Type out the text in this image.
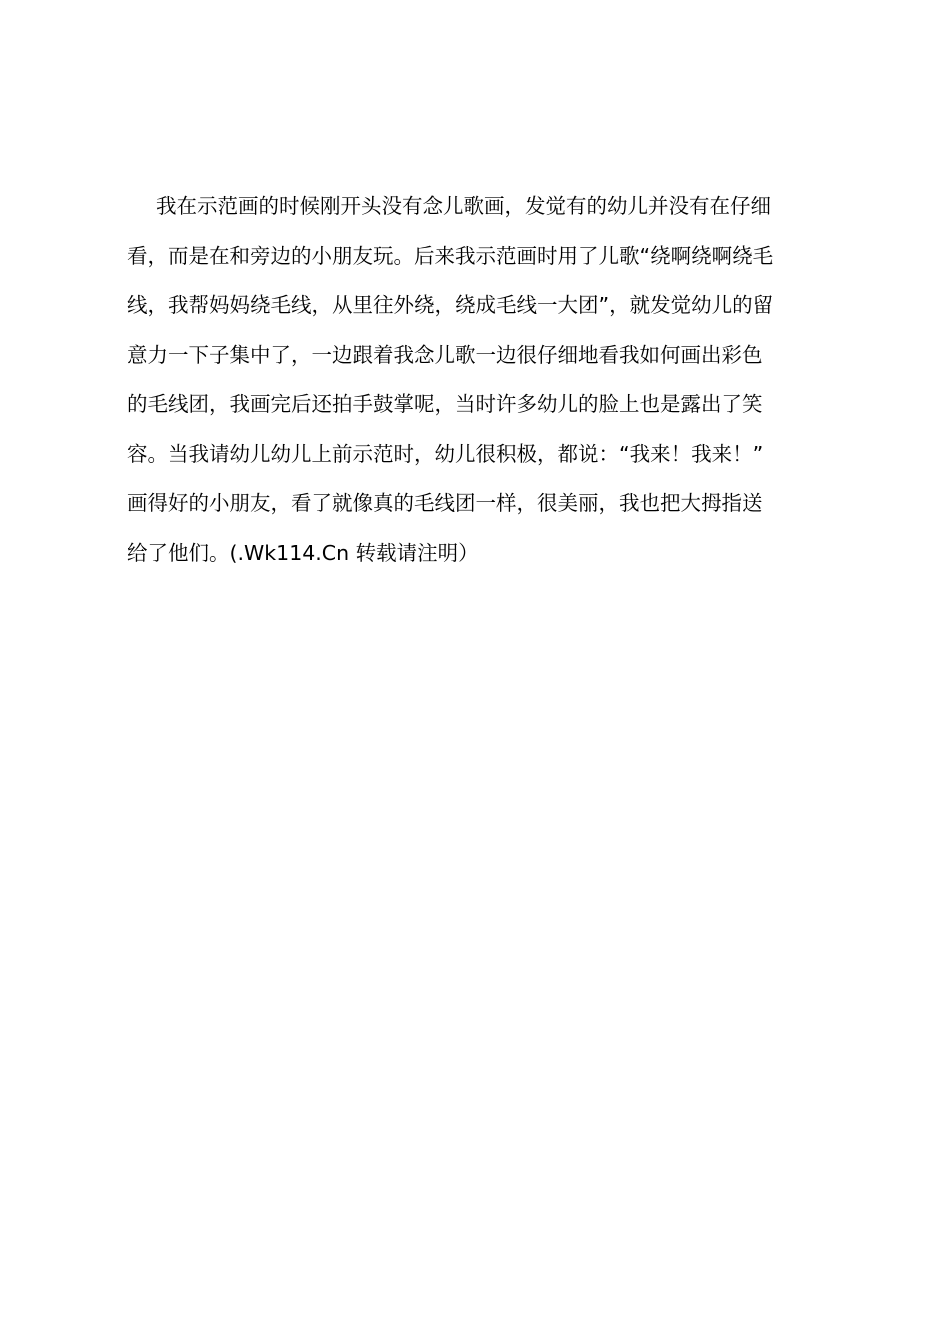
我在示范画的时候刚开头没有念儿歌画，发觉有的幼儿并没有在仔细
看，而是在和旁边的小朋友玩。后来我示范画时用了儿歌“绕啊绕啊绕毛
线，我帮妈妈绕毛线，从里往外绕，绕成毛线一大团”，就发觉幼儿的留
意力一下子集中了，一边跟着我念儿歌一边很仔细地看我如何画出彩色
的毛线团，我画完后还拍手鼓掌呢，当时许多幼儿的脸上也是露出了笑
容。当我请幼儿幼儿上前示范时，幼儿很积极，都说：“我来！我来！”
画得好的小朋友，看了就像真的毛线团一样，很美丽，我也把大拇指送
给了他们。(.Wk114.Cn 转载请注明）
